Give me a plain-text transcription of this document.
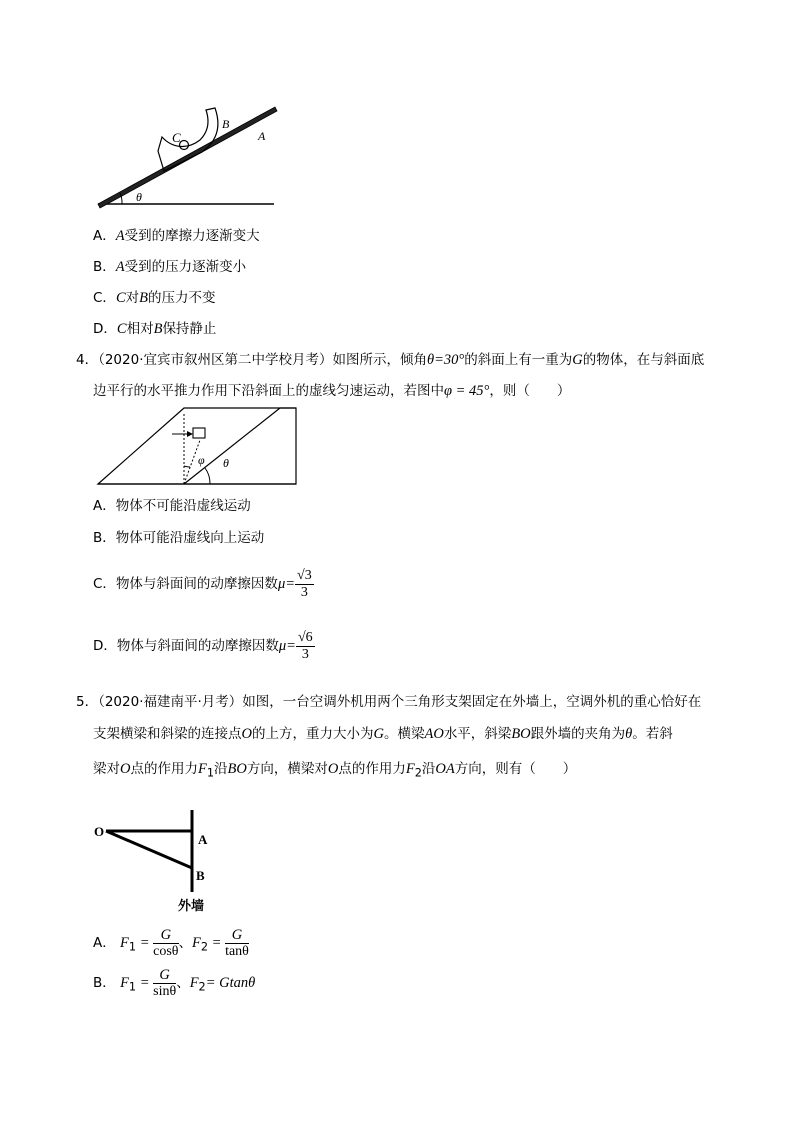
C
B
A
θ
A．A受到的摩擦力逐渐变大
B．A受到的压力逐渐变小
C．C对B的压力不变
D．C相对B保持静止
4．（2020·宜宾市叙州区第二中学校月考）如图所示，倾角θ=30°的斜面上有一重为G的物体，在与斜面底
边平行的水平推力作用下沿斜面上的虚线匀速运动，若图中φ = 45°，则（　　）
φ θ
A．物体不可能沿虚线运动
B．物体可能沿虚线向上运动
C．物体与斜面间的动摩擦因数$\mu= \frac{√3}{3}$
D．物体与斜面间的动摩擦因数$\mu= \frac{√6}{3}$
5．（2020·福建南平·月考）如图，一台空调外机用两个三角形支架固定在外墙上，空调外机的重心恰好在
支架横梁和斜梁的连接点O的上方，重力大小为G。横梁AO水平，斜梁BO跟外墙的夹角为θ。若斜
梁对O点的作用力$F_1$沿BO方向，横梁对O点的作用力$F_2$沿OA方向，则有（　　）
O
A
B
外墙
A． $F_1 = \frac{G}{\cos\theta}$ 、$F_2 = \frac{G}{\tan\theta}$
B． $F_1 = \frac{G}{\sin\theta}$ 、$F_2= Gtan\theta$
